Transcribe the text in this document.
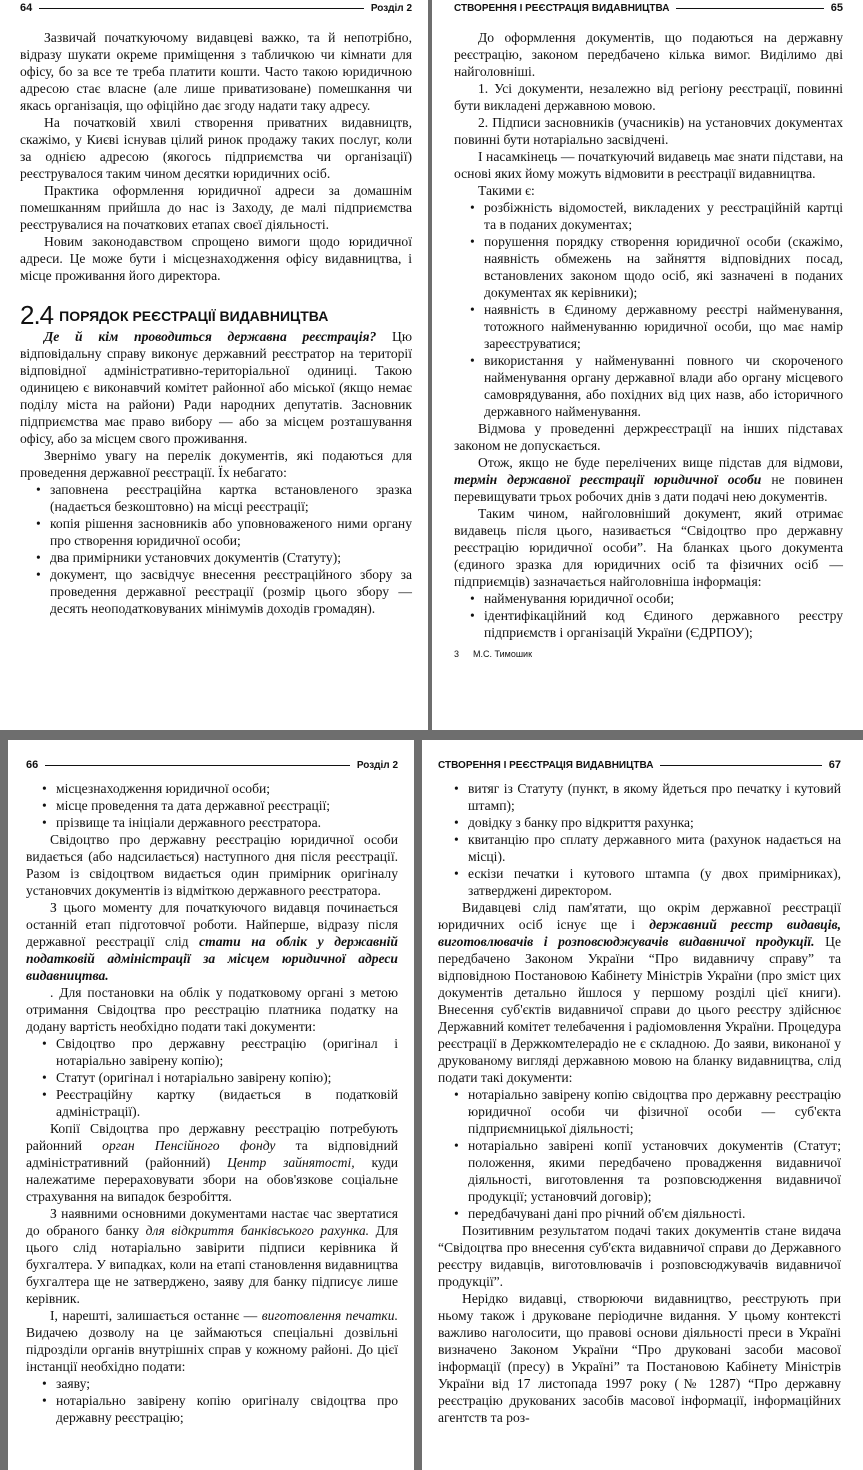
64	Розділ 2

Зазвичай початкуючому видавцеві важко, та й непотрібно, відразу шукати окреме приміщення з табличкою чи кімнати для офісу, бо за все те треба платити кошти. Часто такою юридичною адресою стає власне (але лише приватизоване) помешкання чи якась організація, що офіційно дає згоду надати таку адресу.

На початковій хвилі створення приватних видавництв, скажімо, у Києві існував цілий ринок продажу таких послуг, коли за однією адресою (якогось підприємства чи організації) реєструвалося таким чином десятки юридичних осіб.

Практика оформлення юридичної адреси за домашнім помешканням прийшла до нас із Заходу, де малі підприємства реєструвалися на початкових етапах своєї діяльності.

Новим законодавством спрощено вимоги щодо юридичної адреси. Це може бути і місцезнаходження офісу видавництва, і місце проживання його директора.

2.4 ПОРЯДОК РЕЄСТРАЦІЇ ВИДАВНИЦТВА

Де й кім проводиться державна реєстрація? Цю відповідальну справу виконує державний реєстратор на території відповідної адміністративно-територіальної одиниці. Такою одиницею є виконавчий комітет районної або міської (якщо немає поділу міста на райони) Ради народних депутатів. Засновник підприємства має право вибору — або за місцем розташування офісу, або за місцем свого проживання.

Звернімо увагу на перелік документів, які подаються для проведення державної реєстрації. Їх небагато:

• заповнена реєстраційна картка встановленого зразка (надається безкоштовно) на місці реєстрації;
• копія рішення засновників або уповноваженого ними органу про створення юридичної особи;
• два примірники установчих документів (Статуту);
• документ, що засвідчує внесення реєстраційного збору за проведення державної реєстрації (розмір цього збору — десять неоподатковуваних мінімумів доходів громадян).
СТВОРЕННЯ І РЕЄСТРАЦІЯ ВИДАВНИЦТВА	65

До оформлення документів, що подаються на державну реєстрацію, законом передбачено кілька вимог. Виділимо дві найголовніші.

1. Усі документи, незалежно від регіону реєстрації, повинні бути викладені державною мовою.

2. Підписи засновників (учасників) на установчих документах повинні бути нотаріально засвідчені.

І насамкінець — початкуючий видавець має знати підстави, на основі яких йому можуть відмовити в реєстрації видавництва.

Такими є:

• розбіжність відомостей, викладених у реєстраційній картці та в поданих документах;
• порушення порядку створення юридичної особи (скажімо, наявність обмежень на зайняття відповідних посад, встановлених законом щодо осіб, які зазначені в поданих документах як керівники);
• наявність в Єдиному державному реєстрі найменування, тотожного найменуванню юридичної особи, що має намір зареєструватися;
• використання у найменуванні повного чи скороченого найменування органу державної влади або органу місцевого самоврядування, або похідних від цих назв, або історичного державного найменування.

Відмова у проведенні держреєстрації на інших підставах законом не допускається.

Отож, якщо не буде перелічених вище підстав для відмови, термін державної реєстрації юридичної особи не повинен перевищувати трьох робочих днів з дати подачі нею документів.

Таким чином, найголовніший документ, який отримає видавець після цього, називається “Свідоцтво про державну реєстрацію юридичної особи”. На бланках цього документа (єдиного зразка для юридичних осіб та фізичних осіб — підприємців) зазначається найголовніша інформація:

• найменування юридичної особи;
• ідентифікаційний код Єдиного державного реєстру підприємств і організацій України (ЄДРПОУ);
3 М.С. Тимошик
66	Розділ 2
• місцезнаходження юридичної особи;
• місце проведення та дата державної реєстрації;
• прізвище та ініціали державного реєстратора.

Свідоцтво про державну реєстрацію юридичної особи видається (або надсилається) наступного дня після реєстрації. Разом із свідоцтвом видається один примірник оригіналу установчих документів із відміткою державного реєстратора.

З цього моменту для початкуючого видавця починається останній етап підготовчої роботи. Найперше, відразу після державної реєстрації слід стати на облік у державній податковій адміністрації за місцем юридичної адреси видавництва.

. Для постановки на облік у податковому органі з метою отримання Свідоцтва про реєстрацію платника податку на додану вартість необхідно подати такі документи:

• Свідоцтво про державну реєстрацію (оригінал і нотаріально завірену копію);
• Статут (оригінал і нотаріально завірену копію);
• Реєстраційну картку (видається в податковій адміністрації).

Копії Свідоцтва про державну реєстрацію потребують районний орган Пенсійного фонду та відповідний адміністративний (районний) Центр зайнятості, куди належатиме перераховувати збори на обов'язкове соціальне страхування на випадок безробіття.

З наявними основними документами настає час звертатися до обраного банку для відкриття банківського рахунка. Для цього слід нотаріально завірити підписи керівника й бухгалтера. У випадках, коли на етапі становлення видавництва бухгалтера ще не затверджено, заяву для банку підписує лише керівник.

І, нарешті, залишається останнє — виготовлення печатки. Видачею дозволу на це займаються спеціальні дозвільні підрозділи органів внутрішніх справ у кожному районі. До цієї інстанції необхідно подати:

• заяву;
• нотаріально завірену копію оригіналу свідоцтва про державну реєстрацію;
СТВОРЕННЯ І РЕЄСТРАЦІЯ ВИДАВНИЦТВА	67
• витяг із Статуту (пункт, в якому йдеться про печатку і кутовий штамп);
• довідку з банку про відкриття рахунка;
• квитанцію про сплату державного мита (рахунок надається на місці).
• ескізи печатки і кутового штампа (у двох примірниках), затверджені директором.

Видавцеві слід пам'ятати, що окрім державної реєстрації юридичних осіб існує ще і державний реєстр видавців, виготовлювачів і розповсюджувачів видавничої продукції. Це передбачено Законом України “Про видавничу справу” та відповідною Постановою Кабінету Міністрів України (про зміст цих документів детально йшлося у першому розділі цієї книги). Внесення суб'єктів видавничої справи до цього реєстру здійснює Державний комітет телебачення і радіомовлення України. Процедура реєстрації в Держкомтелерадіо не є складною. До заяви, виконаної у друкованому вигляді державною мовою на бланку видавництва, слід подати такі документи:

• нотаріально завірену копію свідоцтва про державну реєстрацію юридичної особи чи фізичної особи — суб'єкта підприємницької діяльності;
• нотаріально завірені копії установчих документів (Статут; положення, якими передбачено провадження видавничої діяльності, виготовлення та розповсюдження видавничої продукції; установчий договір);
• передбачувані дані про річний об'єм діяльності.

Позитивним результатом подачі таких документів стане видача “Свідоцтва про внесення суб'єкта видавничої справи до Державного реєстру видавців, виготовлювачів і розповсюджувачів видавничої продукції”.

Нерідко видавці, створюючи видавництво, реєструють при ньому також і друковане періодичне видання. У цьому контексті важливо наголосити, що правові основи діяльності преси в Україні визначено Законом України “Про друковані засоби масової інформації (пресу) в Україні” та Постановою Кабінету Міністрів України від 17 листопада 1997 року (№ 1287) “Про державну реєстрацію друкованих засобів масової інформації, інформаційних агентств та роз-
